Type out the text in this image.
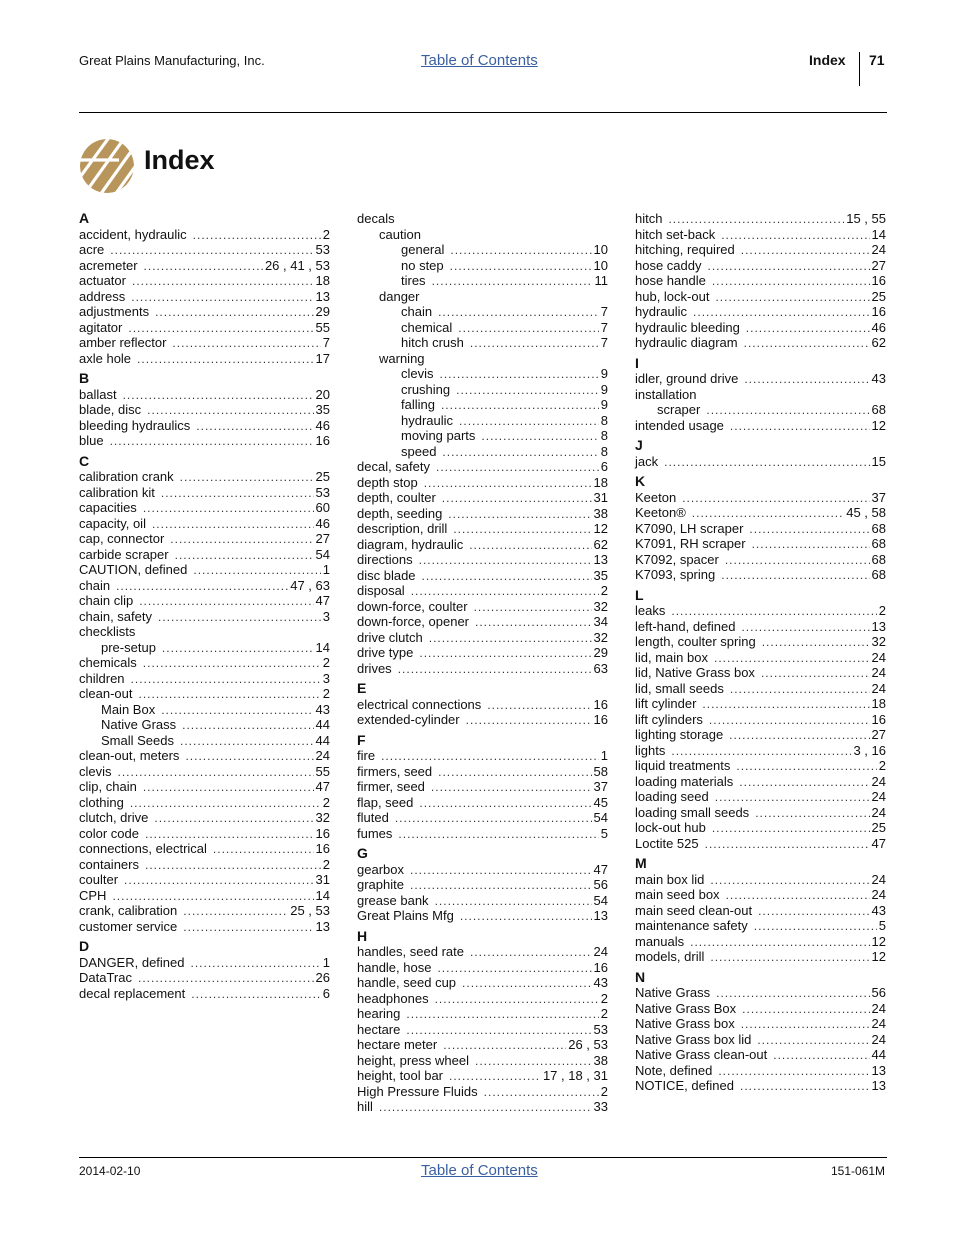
Great Plains Manufacturing, Inc.	Table of Contents	Index 71
Index
A
accident, hydraulic .....	2
acre .....	53
acremeter .....	26 , 41 , 53
actuator .....	18
address .....	13
adjustments .....	29
agitator .....	55
amber reflector .....	7
axle hole .....	17
B
ballast .....	20
blade, disc .....	35
bleeding hydraulics .....	46
blue .....	16
C
calibration crank .....	25
calibration kit .....	53
capacities .....	60
capacity, oil .....	46
cap, connector .....	27
carbide scraper .....	54
CAUTION, defined .....	1
chain .....	47 , 63
chain clip .....	47
chain, safety .....	3
checklists
pre-setup .....	14
chemicals .....	2
children .....	3
clean-out .....	2
Main Box .....	43
Native Grass .....	44
Small Seeds .....	44
clean-out, meters .....	24
clevis .....	55
clip, chain .....	47
clothing .....	2
clutch, drive .....	32
color code .....	16
connections, electrical .....	16
containers .....	2
coulter .....	31
CPH .....	14
crank, calibration .....	25 , 53
customer service .....	13
D
DANGER, defined .....	1
DataTrac .....	26
decal replacement .....	6
decals
caution
general .....	10
no step .....	10
tires .....	11
danger
chain .....	7
chemical .....	7
hitch crush .....	7
warning
clevis .....	9
crushing .....	9
falling .....	9
hydraulic .....	8
moving parts .....	8
speed .....	8
decal, safety .....	6
depth stop .....	18
depth, coulter .....	31
depth, seeding .....	38
description, drill .....	12
diagram, hydraulic .....	62
directions .....	13
disc blade .....	35
disposal .....	2
down-force, coulter .....	32
down-force, opener .....	34
drive clutch .....	32
drive type .....	29
drives .....	63
E
electrical connections .....	16
extended-cylinder .....	16
F
fire .....	1
firmers, seed .....	58
firmer, seed .....	37
flap, seed .....	45
fluted .....	54
fumes .....	5
G
gearbox .....	47
graphite .....	56
grease bank .....	54
Great Plains Mfg .....	13
H
handles, seed rate .....	24
handle, hose .....	16
handle, seed cup .....	43
headphones .....	2
hearing .....	2
hectare .....	53
hectare meter .....	26 , 53
height, press wheel .....	38
height, tool bar .....	17 , 18 , 31
High Pressure Fluids .....	2
hill .....	33
hitch .....	15 , 55
hitch set-back .....	14
hitching, required .....	24
hose caddy .....	27
hose handle .....	16
hub, lock-out .....	25
hydraulic .....	16
hydraulic bleeding .....	46
hydraulic diagram .....	62
I
idler, ground drive .....	43
installation
scraper .....	68
intended usage .....	12
J
jack .....	15
K
Keeton .....	37
Keeton® .....	45 , 58
K7090, LH scraper .....	68
K7091, RH scraper .....	68
K7092, spacer .....	68
K7093, spring .....	68
L
leaks .....	2
left-hand, defined .....	13
length, coulter spring .....	32
lid, main box .....	24
lid, Native Grass box .....	24
lid, small seeds .....	24
lift cylinder .....	18
lift cylinders .....	16
lighting storage .....	27
lights .....	3 , 16
liquid treatments .....	2
loading materials .....	24
loading seed .....	24
loading small seeds .....	24
lock-out hub .....	25
Loctite 525 .....	47
M
main box lid .....	24
main seed box .....	24
main seed clean-out .....	43
maintenance safety .....	5
manuals .....	12
models, drill .....	12
N
Native Grass .....	56
Native Grass Box .....	24
Native Grass box .....	24
Native Grass box lid .....	24
Native Grass clean-out .....	44
Note, defined .....	13
NOTICE, defined .....	13
2014-02-10	Table of Contents	151-061M
